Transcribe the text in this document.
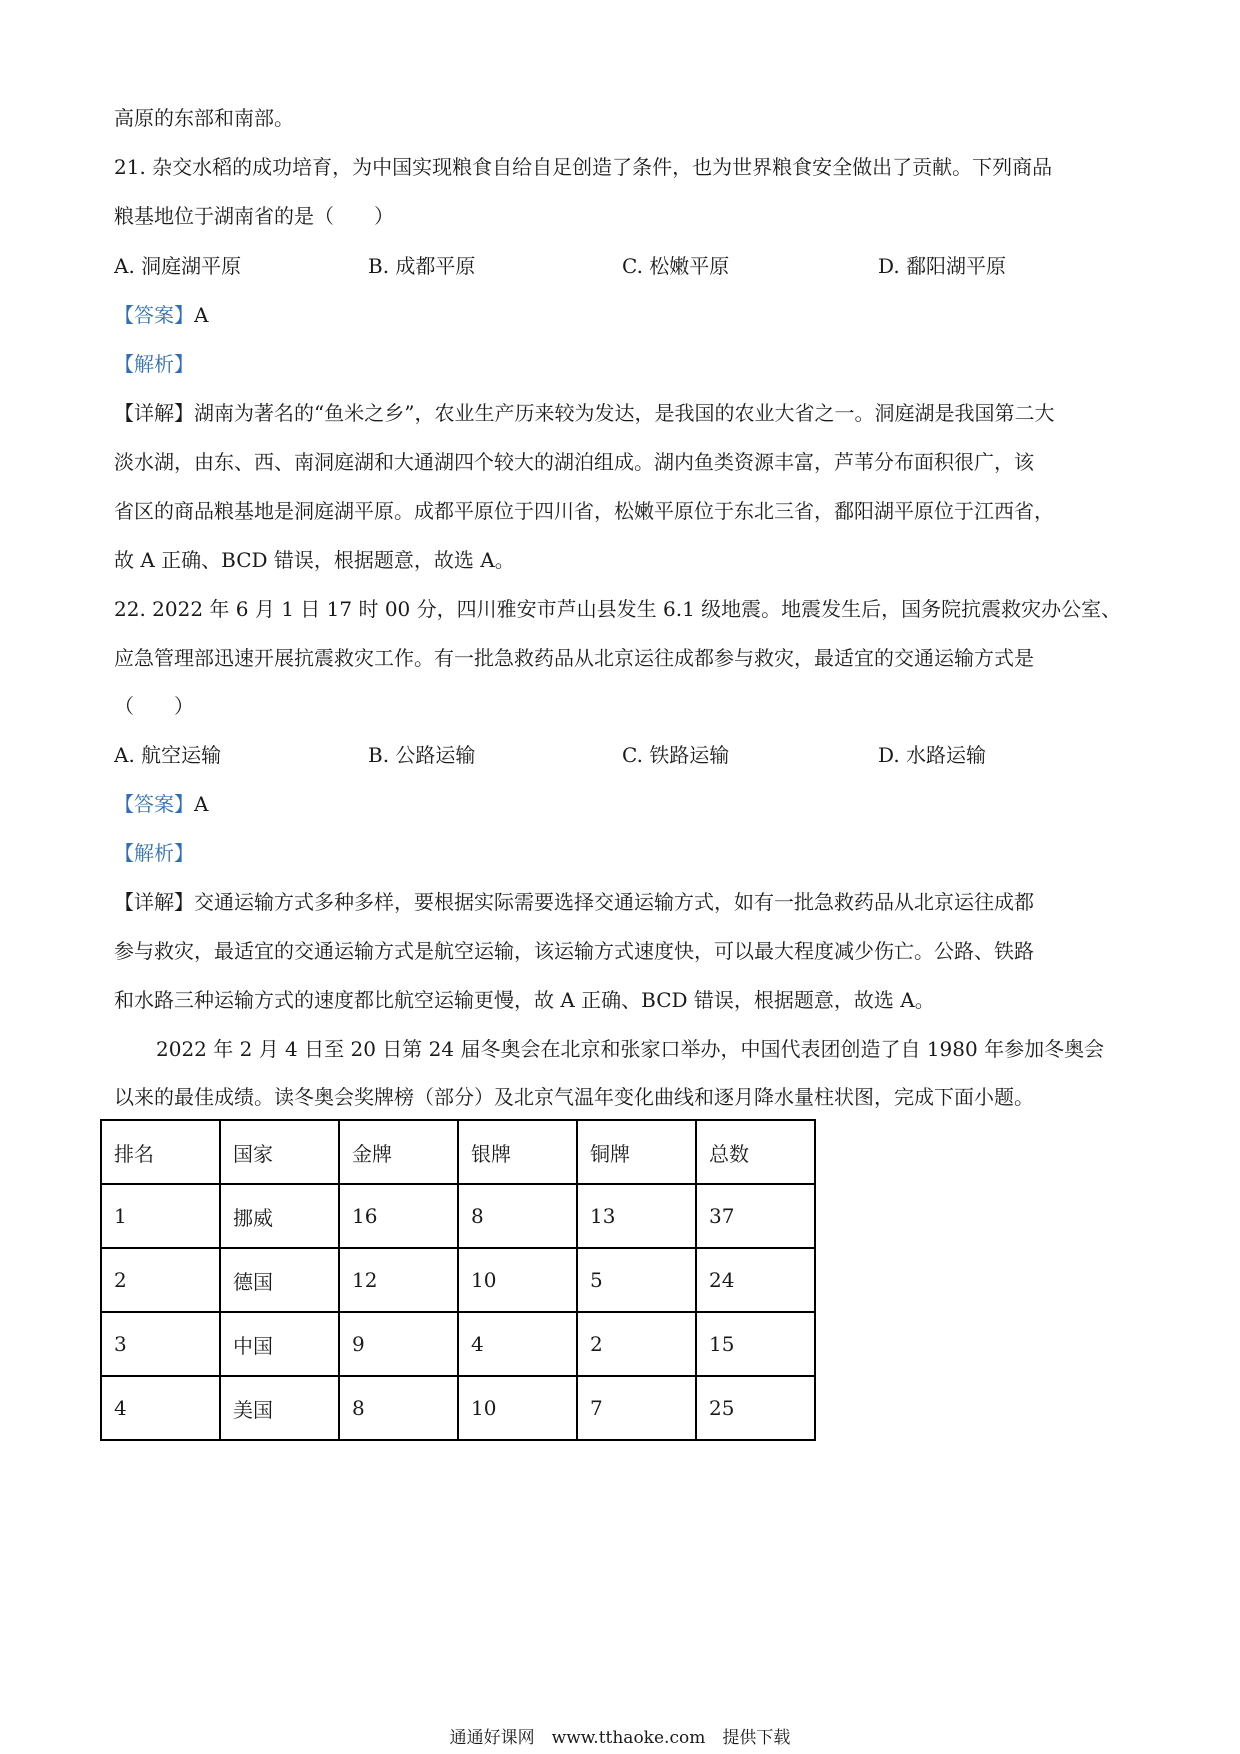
高原的东部和南部。
21. 杂交水稻的成功培育，为中国实现粮食自给自足创造了条件，也为世界粮食安全做出了贡献。下列商品
粮基地位于湖南省的是（　　）
A. 洞庭湖平原	B. 成都平原	C. 松嫩平原	D. 鄱阳湖平原
【答案】A
【解析】
【详解】湖南为著名的“鱼米之乡”，农业生产历来较为发达，是我国的农业大省之一。洞庭湖是我国第二大
淡水湖，由东、西、南洞庭湖和大通湖四个较大的湖泊组成。湖内鱼类资源丰富，芦苇分布面积很广，该
省区的商品粮基地是洞庭湖平原。成都平原位于四川省，松嫩平原位于东北三省，鄱阳湖平原位于江西省，
故 A 正确、BCD 错误，根据题意，故选 A。
22. 2022 年 6 月 1 日 17 时 00 分，四川雅安市芦山县发生 6.1 级地震。地震发生后，国务院抗震救灾办公室、
应急管理部迅速开展抗震救灾工作。有一批急救药品从北京运往成都参与救灾，最适宜的交通运输方式是
（　　）
A. 航空运输	B. 公路运输	C. 铁路运输	D. 水路运输
【答案】A
【解析】
【详解】交通运输方式多种多样，要根据实际需要选择交通运输方式，如有一批急救药品从北京运往成都
参与救灾，最适宜的交通运输方式是航空运输，该运输方式速度快，可以最大程度减少伤亡。公路、铁路
和水路三种运输方式的速度都比航空运输更慢，故 A 正确、BCD 错误，根据题意，故选 A。
2022 年 2 月 4 日至 20 日第 24 届冬奥会在北京和张家口举办，中国代表团创造了自 1980 年参加冬奥会
以来的最佳成绩。读冬奥会奖牌榜（部分）及北京气温年变化曲线和逐月降水量柱状图，完成下面小题。
排名	国家	金牌	银牌	铜牌	总数
1	挪威	16	8	13	37
2	德国	12	10	5	24
3	中国	9	4	2	15
4	美国	8	10	7	25
通通好课网　www.tthaoke.com　提供下载
